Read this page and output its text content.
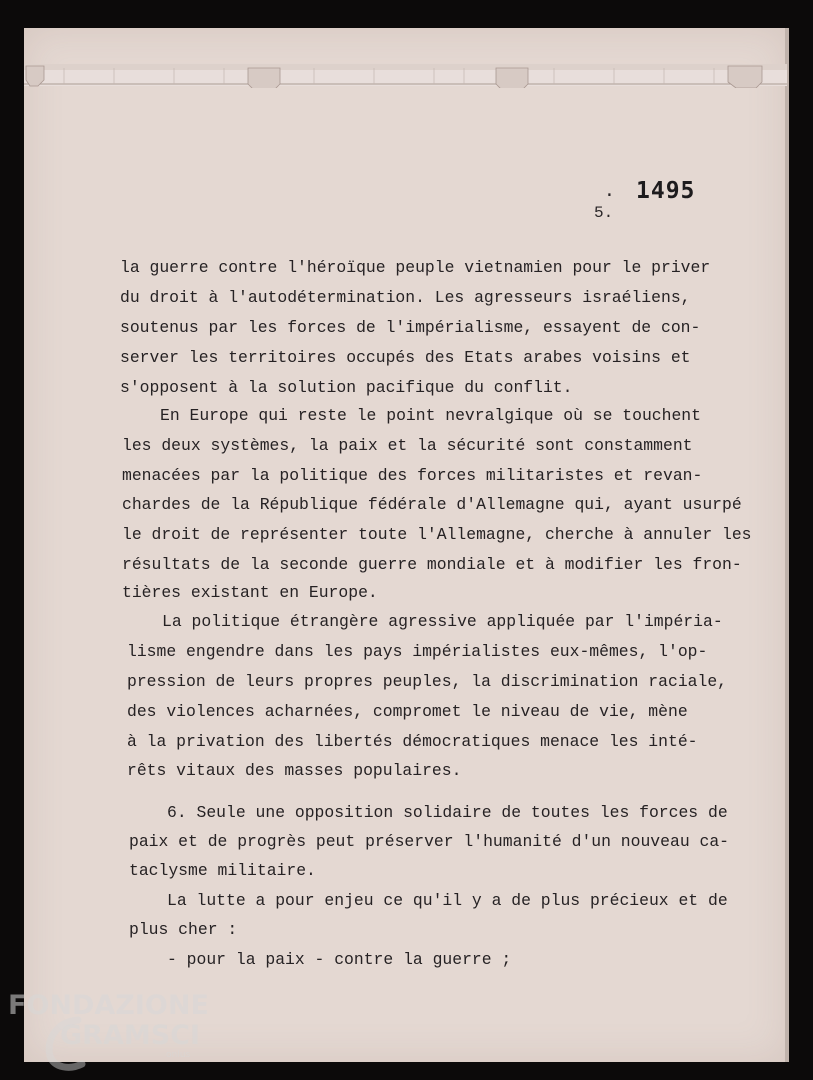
. 1495
5.
la guerre contre l'héroïque peuple vietnamien pour le priver
du droit à l'autodétermination. Les agresseurs israéliens,
soutenus par les forces de l'impérialisme, essayent de con-
server les territoires occupés des Etats arabes voisins et
s'opposent à la solution pacifique du conflit.
En Europe qui reste le point nevralgique où se touchent
les deux systèmes, la paix et la sécurité sont constamment
menacées par la politique des forces militaristes et revan-
chardes de la République fédérale d'Allemagne qui, ayant usurpé
le droit de représenter toute l'Allemagne, cherche à annuler les
résultats de la seconde guerre mondiale et à modifier les fron-
tières existant en Europe.
La politique étrangère agressive appliquée par l'impéria-
lisme engendre dans les pays impérialistes eux-mêmes, l'op-
pression de leurs propres peuples, la discrimination raciale,
des violences acharnées, compromet le niveau de vie, mène
à la privation des libertés démocratiques menace les inté-
rêts vitaux des masses populaires.
6. Seule une opposition solidaire de toutes les forces de
paix et de progrès peut préserver l'humanité d'un nouveau ca-
taclysme militaire.
La lutte a pour enjeu ce qu'il y a de plus précieux et de
plus cher :
- pour la paix - contre la guerre ;
FONDAZIONE
GRAMSCI
onlus
